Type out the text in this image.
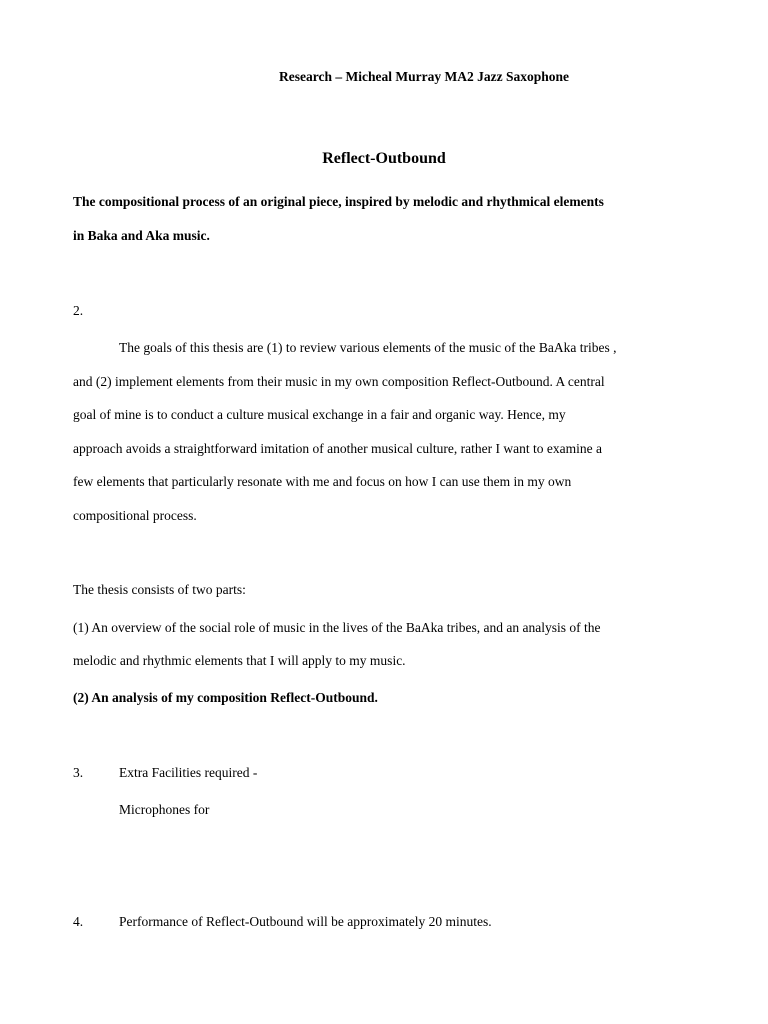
Research – Micheal Murray MA2 Jazz Saxophone
Reflect-Outbound
The compositional process of an original piece, inspired by melodic and rhythmical elements
in Baka and Aka music.
2.
The goals of this thesis are (1) to review various elements of the music of the BaAka tribes ,
and (2) implement elements from their music in my own composition Reflect-Outbound. A central
goal of mine is to conduct a culture musical exchange in a fair and organic way. Hence, my
approach avoids a straightforward imitation of another musical culture, rather I want to examine a
few elements that particularly resonate with me and focus on how I can use them in my own
compositional process.
The thesis consists of two parts:
(1) An overview of the social role of music in the lives of the BaAka tribes, and an analysis of the
melodic and rhythmic elements that I will apply to my music.
(2) An analysis of my composition Reflect-Outbound.
3.	Extra Facilities required -
Microphones for
4.	Performance of Reflect-Outbound will be approximately 20 minutes.
